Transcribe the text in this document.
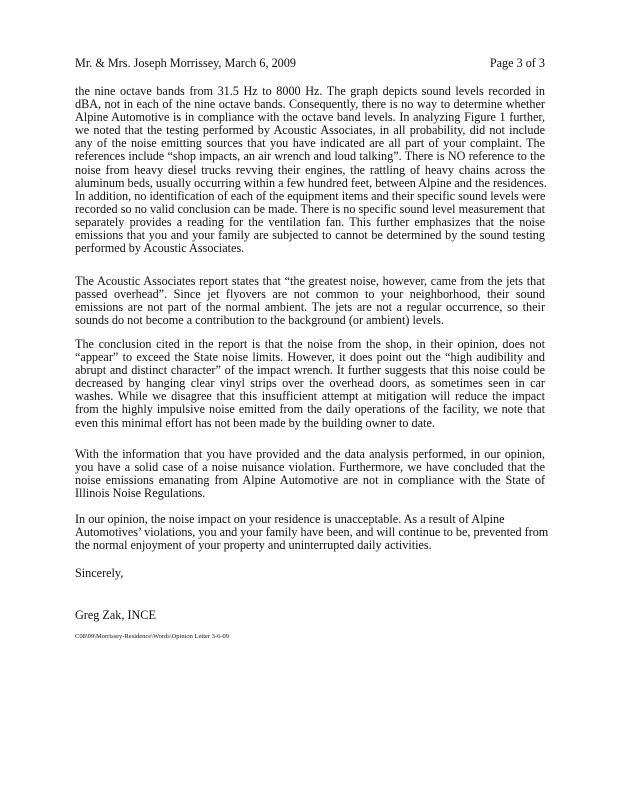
Mr. & Mrs. Joseph Morrissey, March 6, 2009	Page 3 of 3
the nine octave bands from 31.5 Hz to 8000 Hz. The graph depicts sound levels recorded in
dBA, not in each of the nine octave bands. Consequently, there is no way to determine whether
Alpine Automotive is in compliance with the octave band levels. In analyzing Figure 1 further,
we noted that the testing performed by Acoustic Associates, in all probability, did not include
any of the noise emitting sources that you have indicated are all part of your complaint. The
references include “shop impacts, an air wrench and loud talking”. There is NO reference to the
noise from heavy diesel trucks revving their engines, the rattling of heavy chains across the
aluminum beds, usually occurring within a few hundred feet, between Alpine and the residences.
In addition, no identification of each of the equipment items and their specific sound levels were
recorded so no valid conclusion can be made. There is no specific sound level measurement that
separately provides a reading for the ventilation fan. This further emphasizes that the noise
emissions that you and your family are subjected to cannot be determined by the sound testing
performed by Acoustic Associates.
The Acoustic Associates report states that “the greatest noise, however, came from the jets that
passed overhead”. Since jet flyovers are not common to your neighborhood, their sound
emissions are not part of the normal ambient. The jets are not a regular occurrence, so their
sounds do not become a contribution to the background (or ambient) levels.
The conclusion cited in the report is that the noise from the shop, in their opinion, does not
“appear” to exceed the State noise limits. However, it does point out the “high audibility and
abrupt and distinct character” of the impact wrench. It further suggests that this noise could be
decreased by hanging clear vinyl strips over the overhead doors, as sometimes seen in car
washes. While we disagree that this insufficient attempt at mitigation will reduce the impact
from the highly impulsive noise emitted from the daily operations of the facility, we note that
even this minimal effort has not been made by the building owner to date.
With the information that you have provided and the data analysis performed, in our opinion,
you have a solid case of a noise nuisance violation. Furthermore, we have concluded that the
noise emissions emanating from Alpine Automotive are not in compliance with the State of
Illinois Noise Regulations.
In our opinion, the noise impact on your residence is unacceptable. As a result of Alpine
Automotives’ violations, you and your family have been, and will continue to be, prevented from
the normal enjoyment of your property and uninterrupted daily activities.
Sincerely,
Greg Zak, INCE
C08\09\Morrissey-Residence\Words\Opinion Letter 3-6-09
